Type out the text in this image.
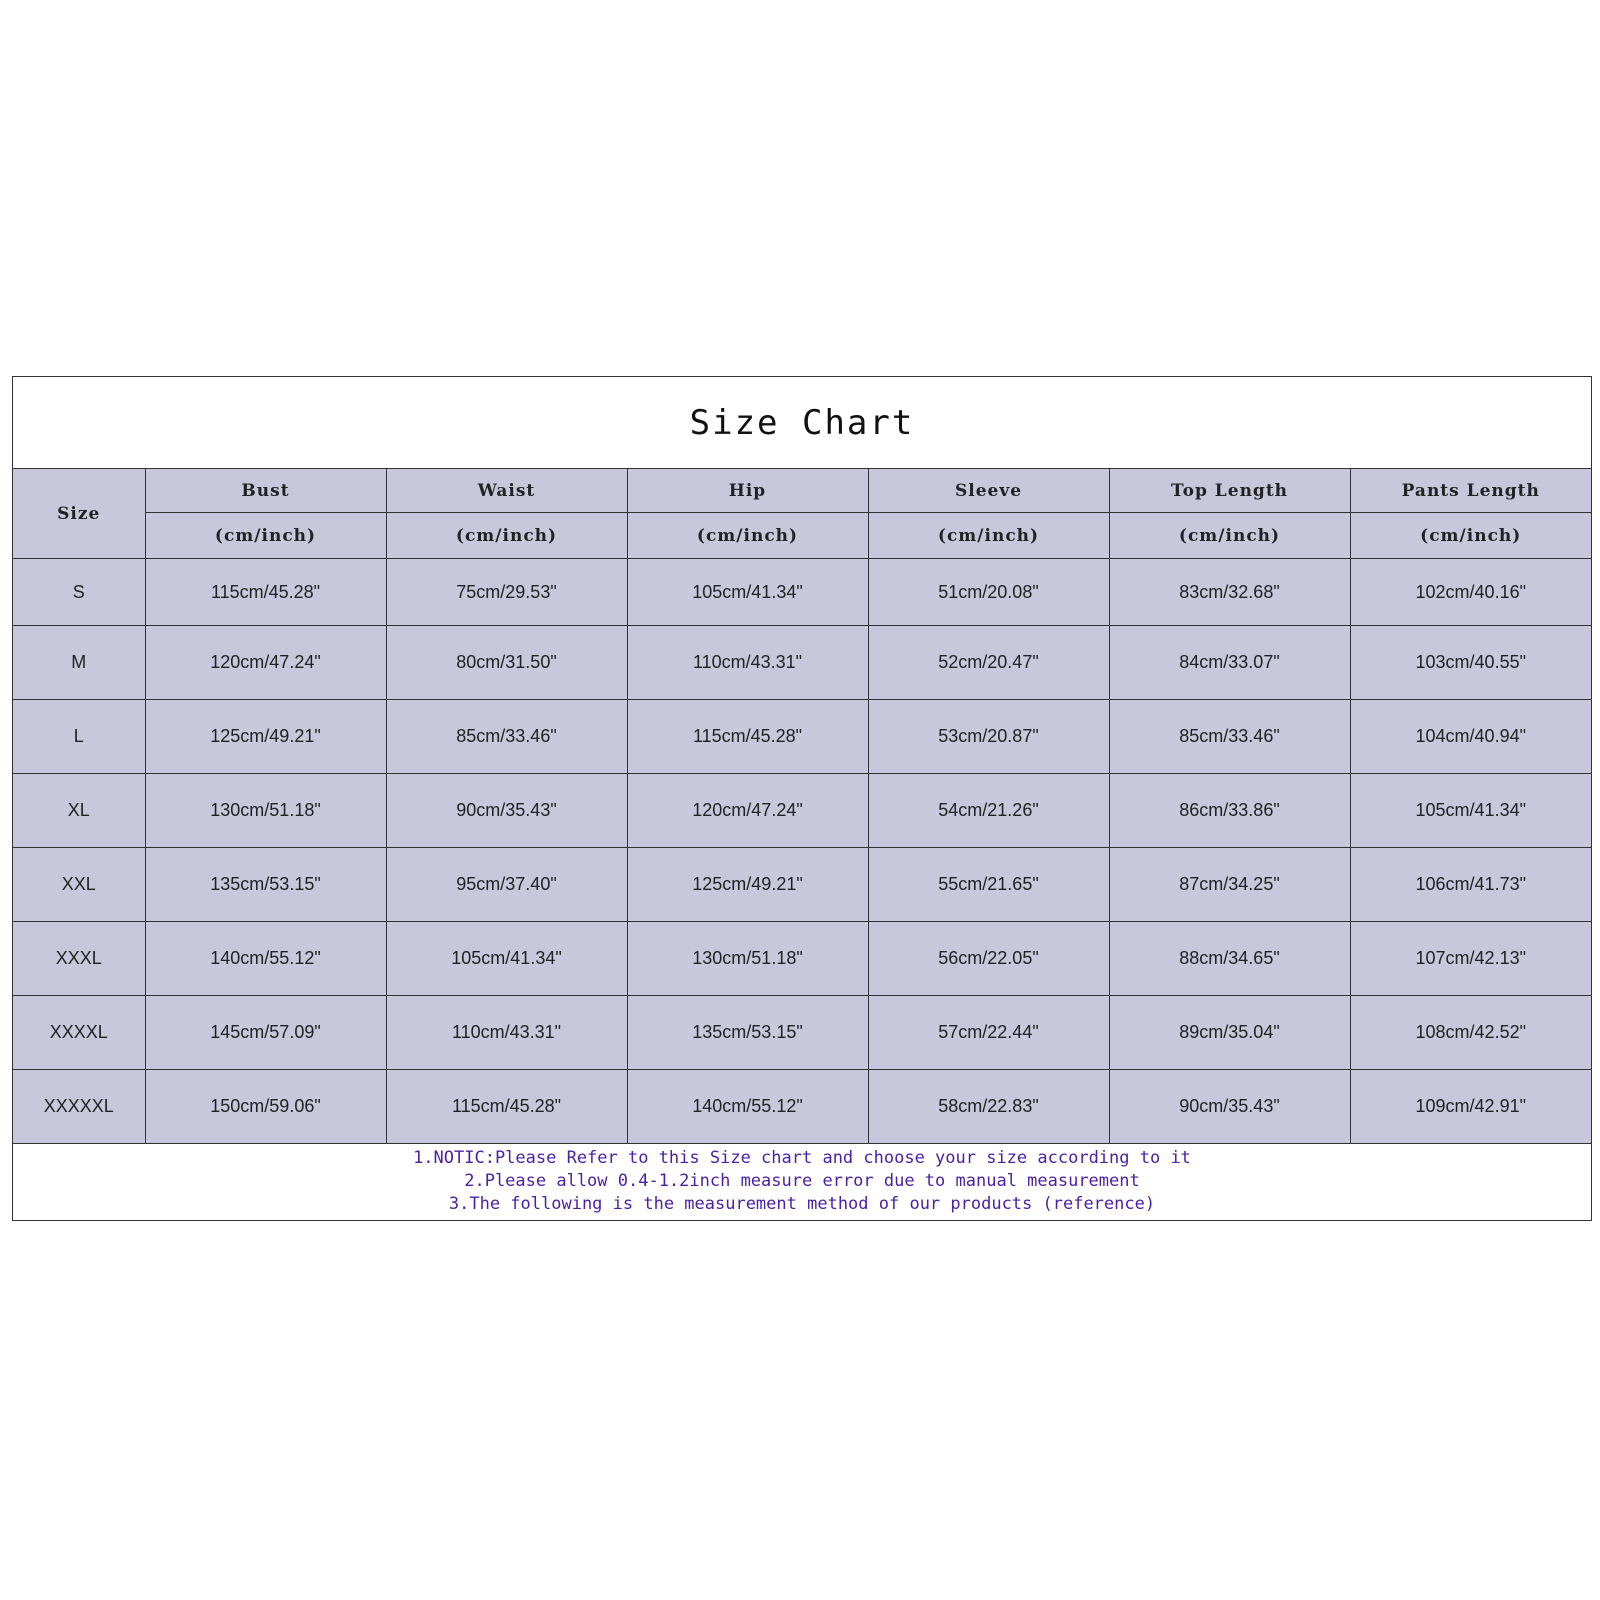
Size Chart
Size	Bust	Waist	Hip	Sleeve	Top Length	Pants Length
	(cm/inch)	(cm/inch)	(cm/inch)	(cm/inch)	(cm/inch)	(cm/inch)
S	115cm/45.28"	75cm/29.53"	105cm/41.34"	51cm/20.08"	83cm/32.68"	102cm/40.16"
M	120cm/47.24"	80cm/31.50"	110cm/43.31"	52cm/20.47"	84cm/33.07"	103cm/40.55"
L	125cm/49.21"	85cm/33.46"	115cm/45.28"	53cm/20.87"	85cm/33.46"	104cm/40.94"
XL	130cm/51.18"	90cm/35.43"	120cm/47.24"	54cm/21.26"	86cm/33.86"	105cm/41.34"
XXL	135cm/53.15"	95cm/37.40"	125cm/49.21"	55cm/21.65"	87cm/34.25"	106cm/41.73"
XXXL	140cm/55.12"	105cm/41.34"	130cm/51.18"	56cm/22.05"	88cm/34.65"	107cm/42.13"
XXXXL	145cm/57.09"	110cm/43.31"	135cm/53.15"	57cm/22.44"	89cm/35.04"	108cm/42.52"
XXXXXL	150cm/59.06"	115cm/45.28"	140cm/55.12"	58cm/22.83"	90cm/35.43"	109cm/42.91"
1.NOTIC:Please Refer to this Size chart and choose your size according to it
2.Please allow 0.4-1.2inch measure error due to manual measurement
3.The following is the measurement method of our products (reference)
